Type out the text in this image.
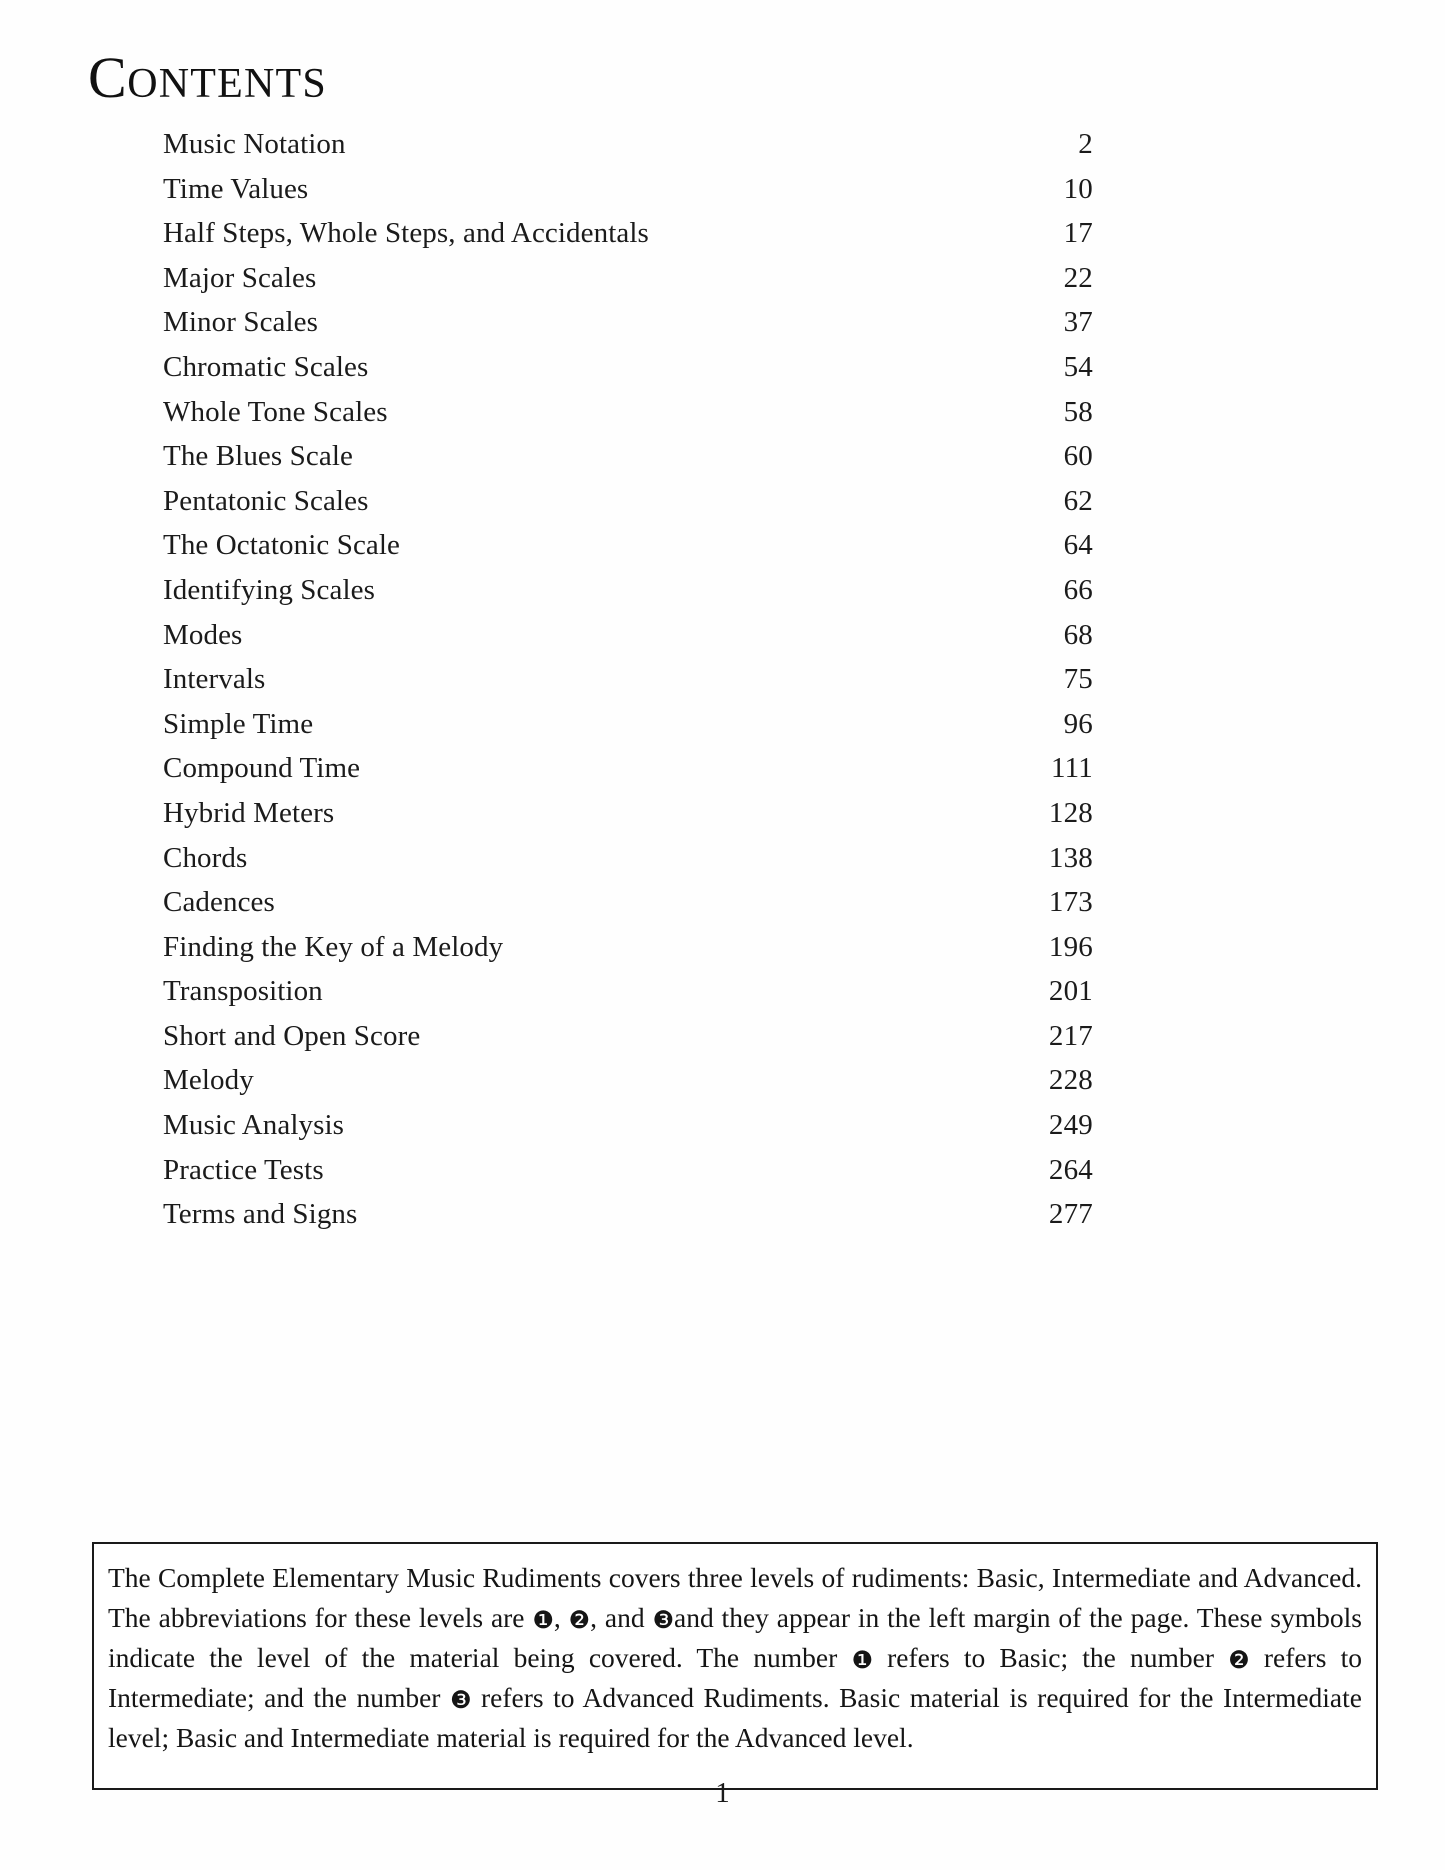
CONTENTS
Music Notation	2
Time Values	10
Half Steps, Whole Steps, and Accidentals	17
Major Scales	22
Minor Scales	37
Chromatic Scales	54
Whole Tone Scales	58
The Blues Scale	60
Pentatonic Scales	62
The Octatonic Scale	64
Identifying Scales	66
Modes	68
Intervals	75
Simple Time	96
Compound Time	111
Hybrid Meters	128
Chords	138
Cadences	173
Finding the Key of a Melody	196
Transposition	201
Short and Open Score	217
Melody	228
Music Analysis	249
Practice Tests	264
Terms and Signs	277
The Complete Elementary Music Rudiments covers three levels of rudiments: Basic, Intermediate and Advanced. The abbreviations for these levels are ❶, ❷, and ❸and they appear in the left margin of the page. These symbols indicate the level of the material being covered. The number ❶ refers to Basic; the number ❷ refers to Intermediate; and the number ❸ refers to Advanced Rudiments. Basic material is required for the Intermediate level; Basic and Intermediate material is required for the Advanced level.
1
